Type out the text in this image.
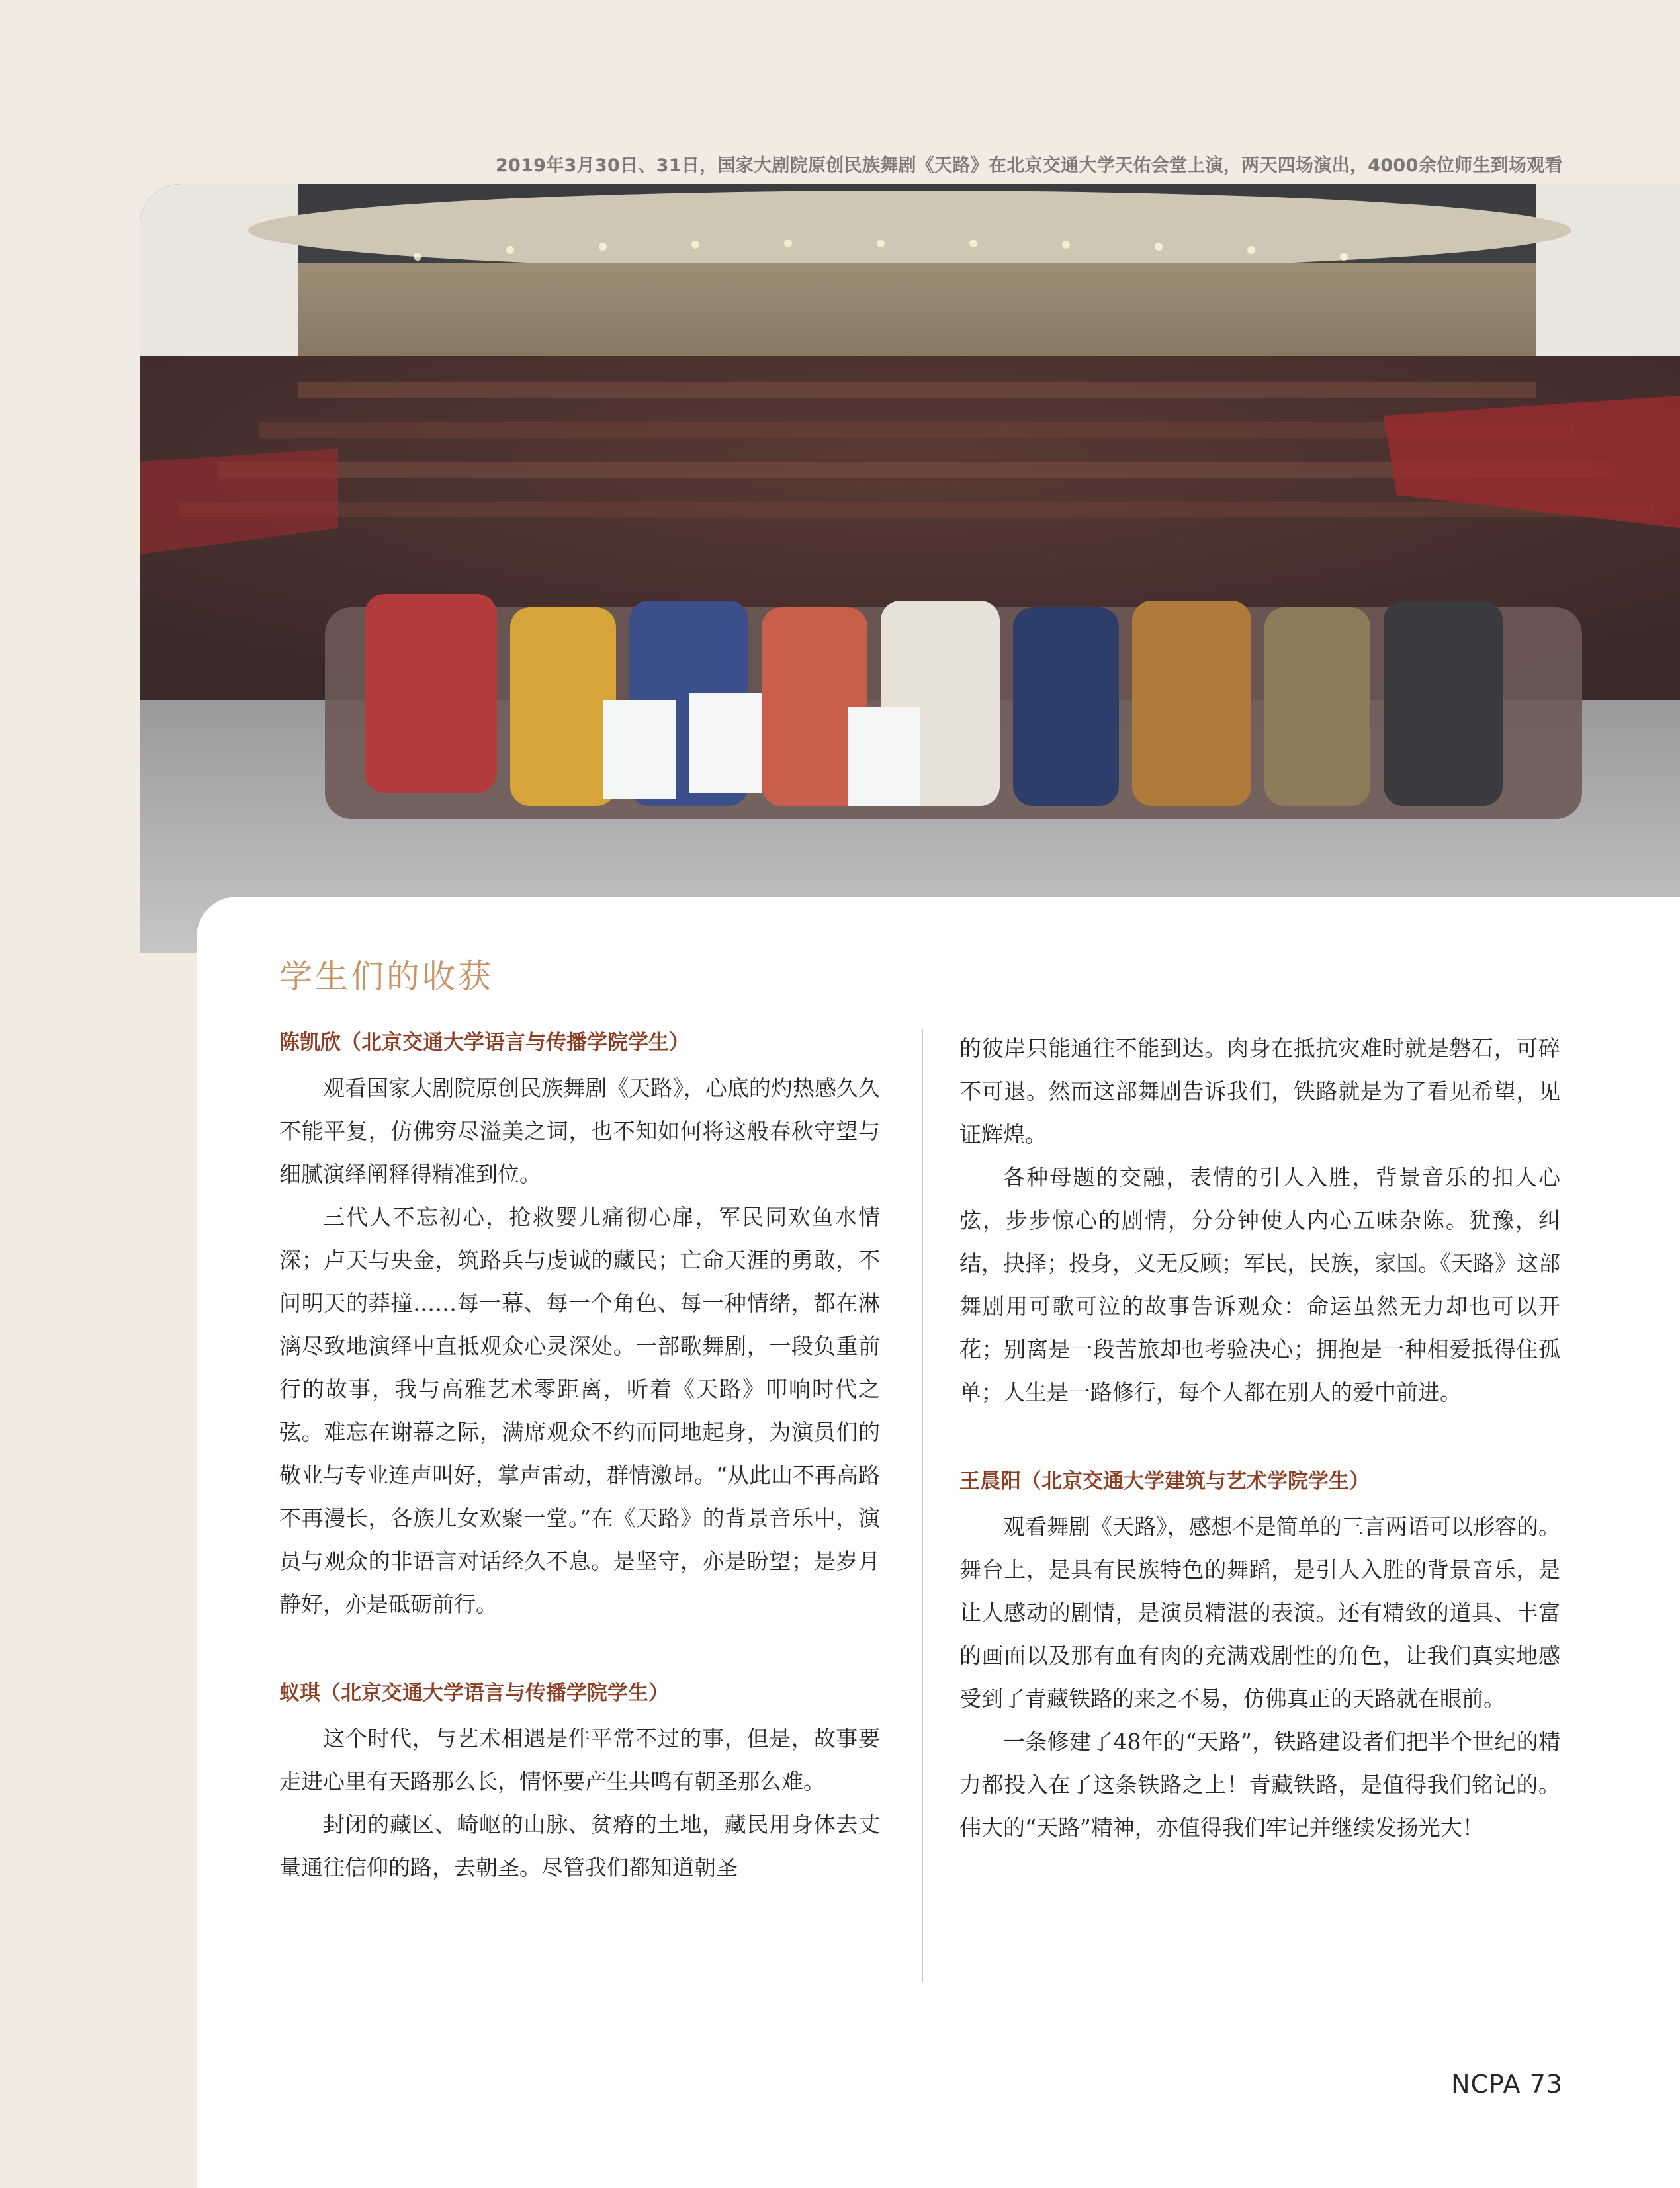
2019年3月30日、31日，国家大剧院原创民族舞剧《天路》在北京交通大学天佑会堂上演，两天四场演出，4000余位师生到场观看
学生们的收获
陈凯欣（北京交通大学语言与传播学院学生）

观看国家大剧院原创民族舞剧《天路》，心底的灼热感久久不能平复，仿佛穷尽溢美之词，也不知如何将这般春秋守望与细腻演绎阐释得精准到位。

三代人不忘初心，抢救婴儿痛彻心扉，军民同欢鱼水情深；卢天与央金，筑路兵与虔诚的藏民；亡命天涯的勇敢，不问明天的莽撞……每一幕、每一个角色、每一种情绪，都在淋漓尽致地演绎中直抵观众心灵深处。一部歌舞剧，一段负重前行的故事，我与高雅艺术零距离，听着《天路》叩响时代之弦。难忘在谢幕之际，满席观众不约而同地起身，为演员们的敬业与专业连声叫好，掌声雷动，群情激昂。“从此山不再高路不再漫长，各族儿女欢聚一堂。”在《天路》的背景音乐中，演员与观众的非语言对话经久不息。是坚守，亦是盼望；是岁月静好，亦是砥砺前行。

蚁琪（北京交通大学语言与传播学院学生）

这个时代，与艺术相遇是件平常不过的事，但是，故事要走进心里有天路那么长，情怀要产生共鸣有朝圣那么难。

封闭的藏区、崎岖的山脉、贫瘠的土地，藏民用身体去丈量通往信仰的路，去朝圣。尽管我们都知道朝圣

的彼岸只能通往不能到达。肉身在抵抗灾难时就是磐石，可碎不可退。然而这部舞剧告诉我们，铁路就是为了看见希望，见证辉煌。

各种母题的交融，表情的引人入胜，背景音乐的扣人心弦，步步惊心的剧情，分分钟使人内心五味杂陈。犹豫，纠结，抉择；投身，义无反顾；军民，民族，家国。《天路》这部舞剧用可歌可泣的故事告诉观众：命运虽然无力却也可以开花；别离是一段苦旅却也考验决心；拥抱是一种相爱抵得住孤单；人生是一路修行，每个人都在别人的爱中前进。

王晨阳（北京交通大学建筑与艺术学院学生）

观看舞剧《天路》，感想不是简单的三言两语可以形容的。舞台上，是具有民族特色的舞蹈，是引人入胜的背景音乐，是让人感动的剧情，是演员精湛的表演。还有精致的道具、丰富的画面以及那有血有肉的充满戏剧性的角色，让我们真实地感受到了青藏铁路的来之不易，仿佛真正的天路就在眼前。

一条修建了48年的“天路”，铁路建设者们把半个世纪的精力都投入在了这条铁路之上！青藏铁路，是值得我们铭记的。伟大的“天路”精神，亦值得我们牢记并继续发扬光大！

NCPA 73
